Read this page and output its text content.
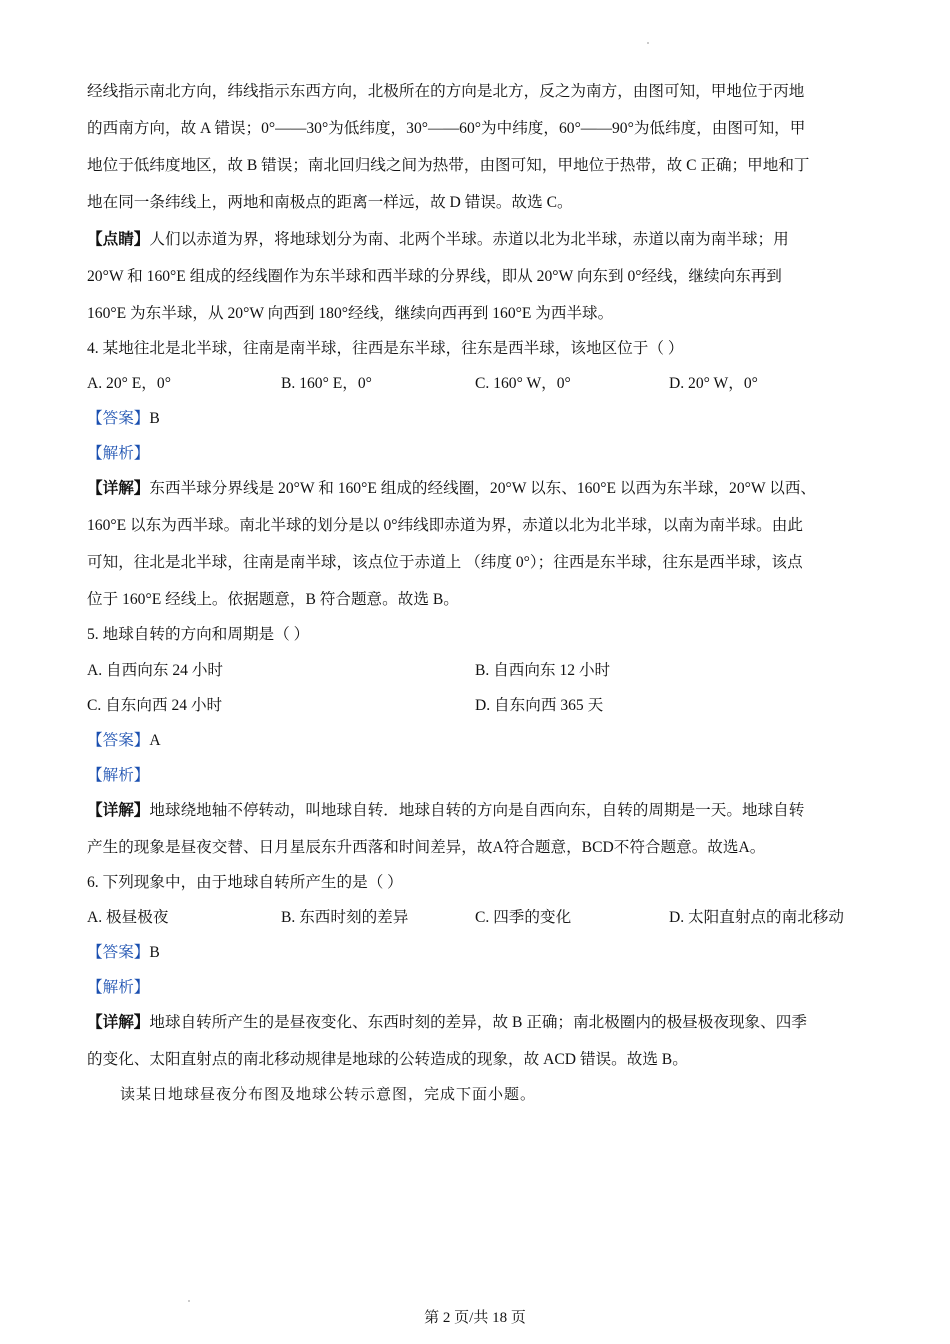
经线指示南北方向，纬线指示东西方向，北极所在的方向是北方，反之为南方，由图可知，甲地位于丙地
的西南方向，故 A 错误；0°——30°为低纬度，30°——60°为中纬度，60°——90°为低纬度，由图可知，甲
地位于低纬度地区，故 B 错误；南北回归线之间为热带，由图可知，甲地位于热带，故 C 正确；甲地和丁
地在同一条纬线上，两地和南极点的距离一样远，故 D 错误。故选 C。
【点睛】人们以赤道为界，将地球划分为南、北两个半球。赤道以北为北半球，赤道以南为南半球；用
20°W 和 160°E 组成的经线圈作为东半球和西半球的分界线，即从 20°W 向东到 0°经线，继续向东再到
160°E 为东半球，从 20°W 向西到 180°经线，继续向西再到 160°E 为西半球。
4. 某地往北是北半球，往南是南半球，往西是东半球，往东是西半球，该地区位于（ ）
A. 20° E，0°	B. 160° E，0°	C. 160° W，0°	D. 20° W，0°
【答案】B
【解析】
【详解】东西半球分界线是 20°W 和 160°E 组成的经线圈，20°W 以东、160°E 以西为东半球，20°W 以西、
160°E 以东为西半球。南北半球的划分是以 0°纬线即赤道为界，赤道以北为北半球，以南为南半球。由此
可知，往北是北半球，往南是南半球，该点位于赤道上 （纬度 0°）；往西是东半球，往东是西半球，该点
位于 160°E 经线上。依据题意，B 符合题意。故选 B。
5. 地球自转的方向和周期是（ ）
A. 自西向东 24 小时	B. 自西向东 12 小时
C. 自东向西 24 小时	D. 自东向西 365 天
【答案】A
【解析】
【详解】地球绕地轴不停转动，叫地球自转．地球自转的方向是自西向东，自转的周期是一天。地球自转
产生的现象是昼夜交替、日月星辰东升西落和时间差异，故A符合题意，BCD不符合题意。故选A。
6. 下列现象中，由于地球自转所产生的是（ ）
A. 极昼极夜	B. 东西时刻的差异	C. 四季的变化	D. 太阳直射点的南北移动
【答案】B
【解析】
【详解】地球自转所产生的是昼夜变化、东西时刻的差异，故 B 正确；南北极圈内的极昼极夜现象、四季
的变化、太阳直射点的南北移动规律是地球的公转造成的现象，故 ACD 错误。故选 B。
读某日地球昼夜分布图及地球公转示意图，完成下面小题。
第 2 页/共 18 页
